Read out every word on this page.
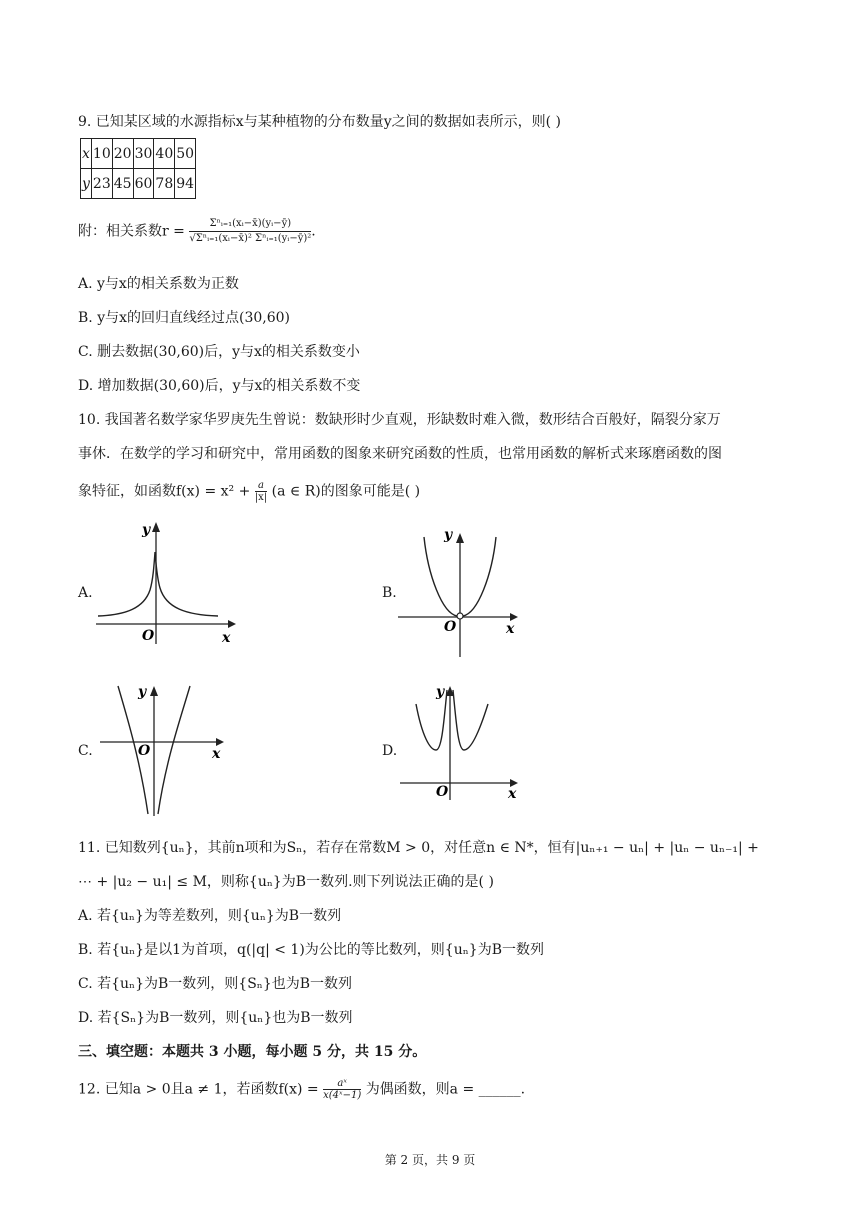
9. 已知某区域的水源指标x与某种植物的分布数量y之间的数据如表所示，则( )
x	10	20	30	40	50
y	23	45	60	78	94
附：相关系数$r = \frac{\text{Σⁿᵢ₌₁(xᵢ−x̄)(yᵢ−ȳ)}}{\text{√Σⁿᵢ₌₁(xᵢ−x̄)² Σⁿᵢ₌₁(yᵢ−ȳ)²}}$ .
A. y与x的相关系数为正数
B. y与x的回归直线经过点(30,60)
C. 删去数据(30,60)后，y与x的相关系数变小
D. 增加数据(30,60)后，y与x的相关系数不变
10. 我国著名数学家华罗庚先生曾说：数缺形时少直观，形缺数时难入微，数形结合百般好，隔裂分家万
事休．在数学的学习和研究中，常用函数的图象来研究函数的性质，也常用函数的解析式来琢磨函数的图
象特征，如函数$f(x) = x^2 + \frac{a}{|x|} (a$ ∈ R)的图象可能是( )
A.	B.
C.	D.
O	x
y
O	x
y
O	x
y
O	x
y
11. 已知数列{uₙ}，其前n项和为Sₙ，若存在常数M > 0，对任意n ∈ N*，恒有|uₙ₊₁ − uₙ| + |uₙ − uₙ₋₁| +
⋯ + |u₂ − u₁| ≤ M，则称{uₙ}为B一数列.则下列说法正确的是( )
A. 若{uₙ}为等差数列，则{uₙ}为B一数列
B. 若{uₙ}是以1为首项，q(|q| < 1)为公比的等比数列，则{uₙ}为B一数列
C. 若{uₙ}为B一数列，则{Sₙ}也为B一数列
D. 若{Sₙ}为B一数列，则{uₙ}也为B一数列
三、填空题：本题共 3 小题，每小题 5 分，共 15 分。
12. 已知a > 0且a ≠ 1，若函数$f(x) = \frac{\text{aˣ}}{\text{x(4ˣ−1)}}$ 为偶函数，则a = ______.
第 2 页，共 9 页
